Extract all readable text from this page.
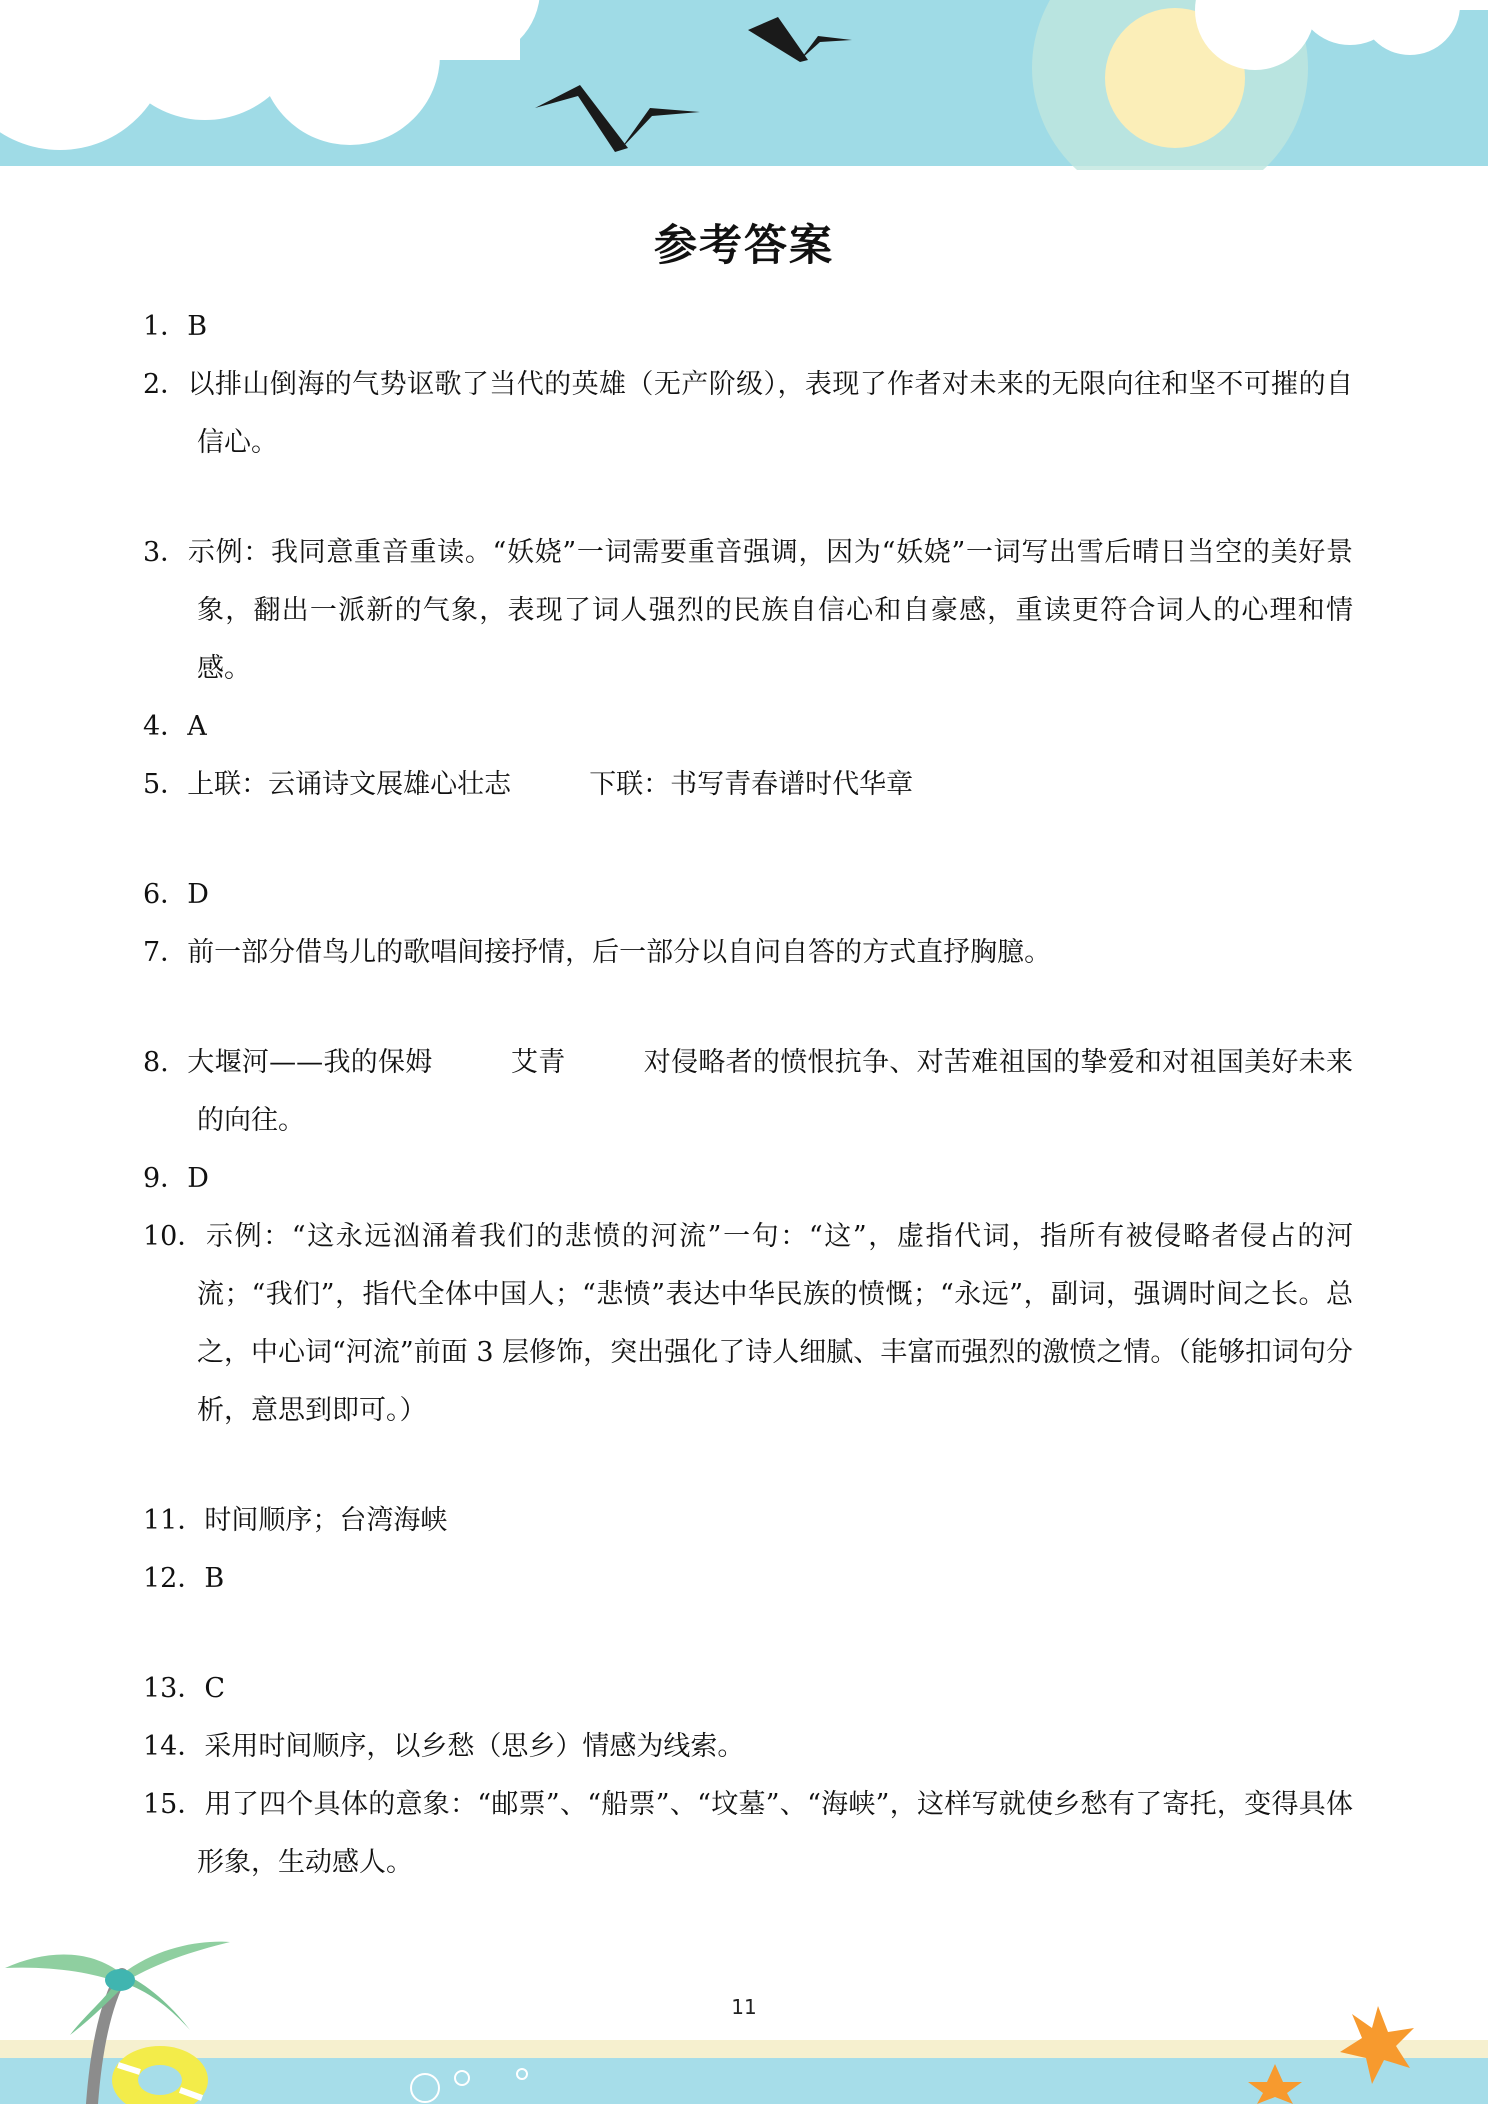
参考答案

1．B

2．以排山倒海的气势讴歌了当代的英雄（无产阶级），表现了作者对未来的无限向往和坚不可摧的自信心。

3．示例：我同意重音重读。“妖娆”一词需要重音强调，因为“妖娆”一词写出雪后晴日当空的美好景象，翻出一派新的气象，表现了词人强烈的民族自信心和自豪感，重读更符合词人的心理和情感。

4．A

5．上联：云诵诗文展雄心壮志	下联：书写青春谱时代华章

6．D

7．前一部分借鸟儿的歌唱间接抒情，后一部分以自问自答的方式直抒胸臆。

8. 大堰河——我的保姆	艾青	对侵略者的愤恨抗争、对苦难祖国的挚爱和对祖国美好未来的向往。

9．D

10．示例：“这永远汹涌着我们的悲愤的河流”一句：“这”，虚指代词，指所有被侵略者侵占的河流；“我们”，指代全体中国人；“悲愤”表达中华民族的愤慨；“永远”，副词，强调时间之长。总之，中心词“河流”前面 3 层修饰，突出强化了诗人细腻、丰富而强烈的激愤之情。（能够扣词句分析，意思到即可。）

11．时间顺序；台湾海峡

12．B

13．C

14．采用时间顺序，以乡愁（思乡）情感为线索。

15．用了四个具体的意象：“邮票”、“船票”、“坟墓”、“海峡”，这样写就使乡愁有了寄托，变得具体形象，生动感人。

11
